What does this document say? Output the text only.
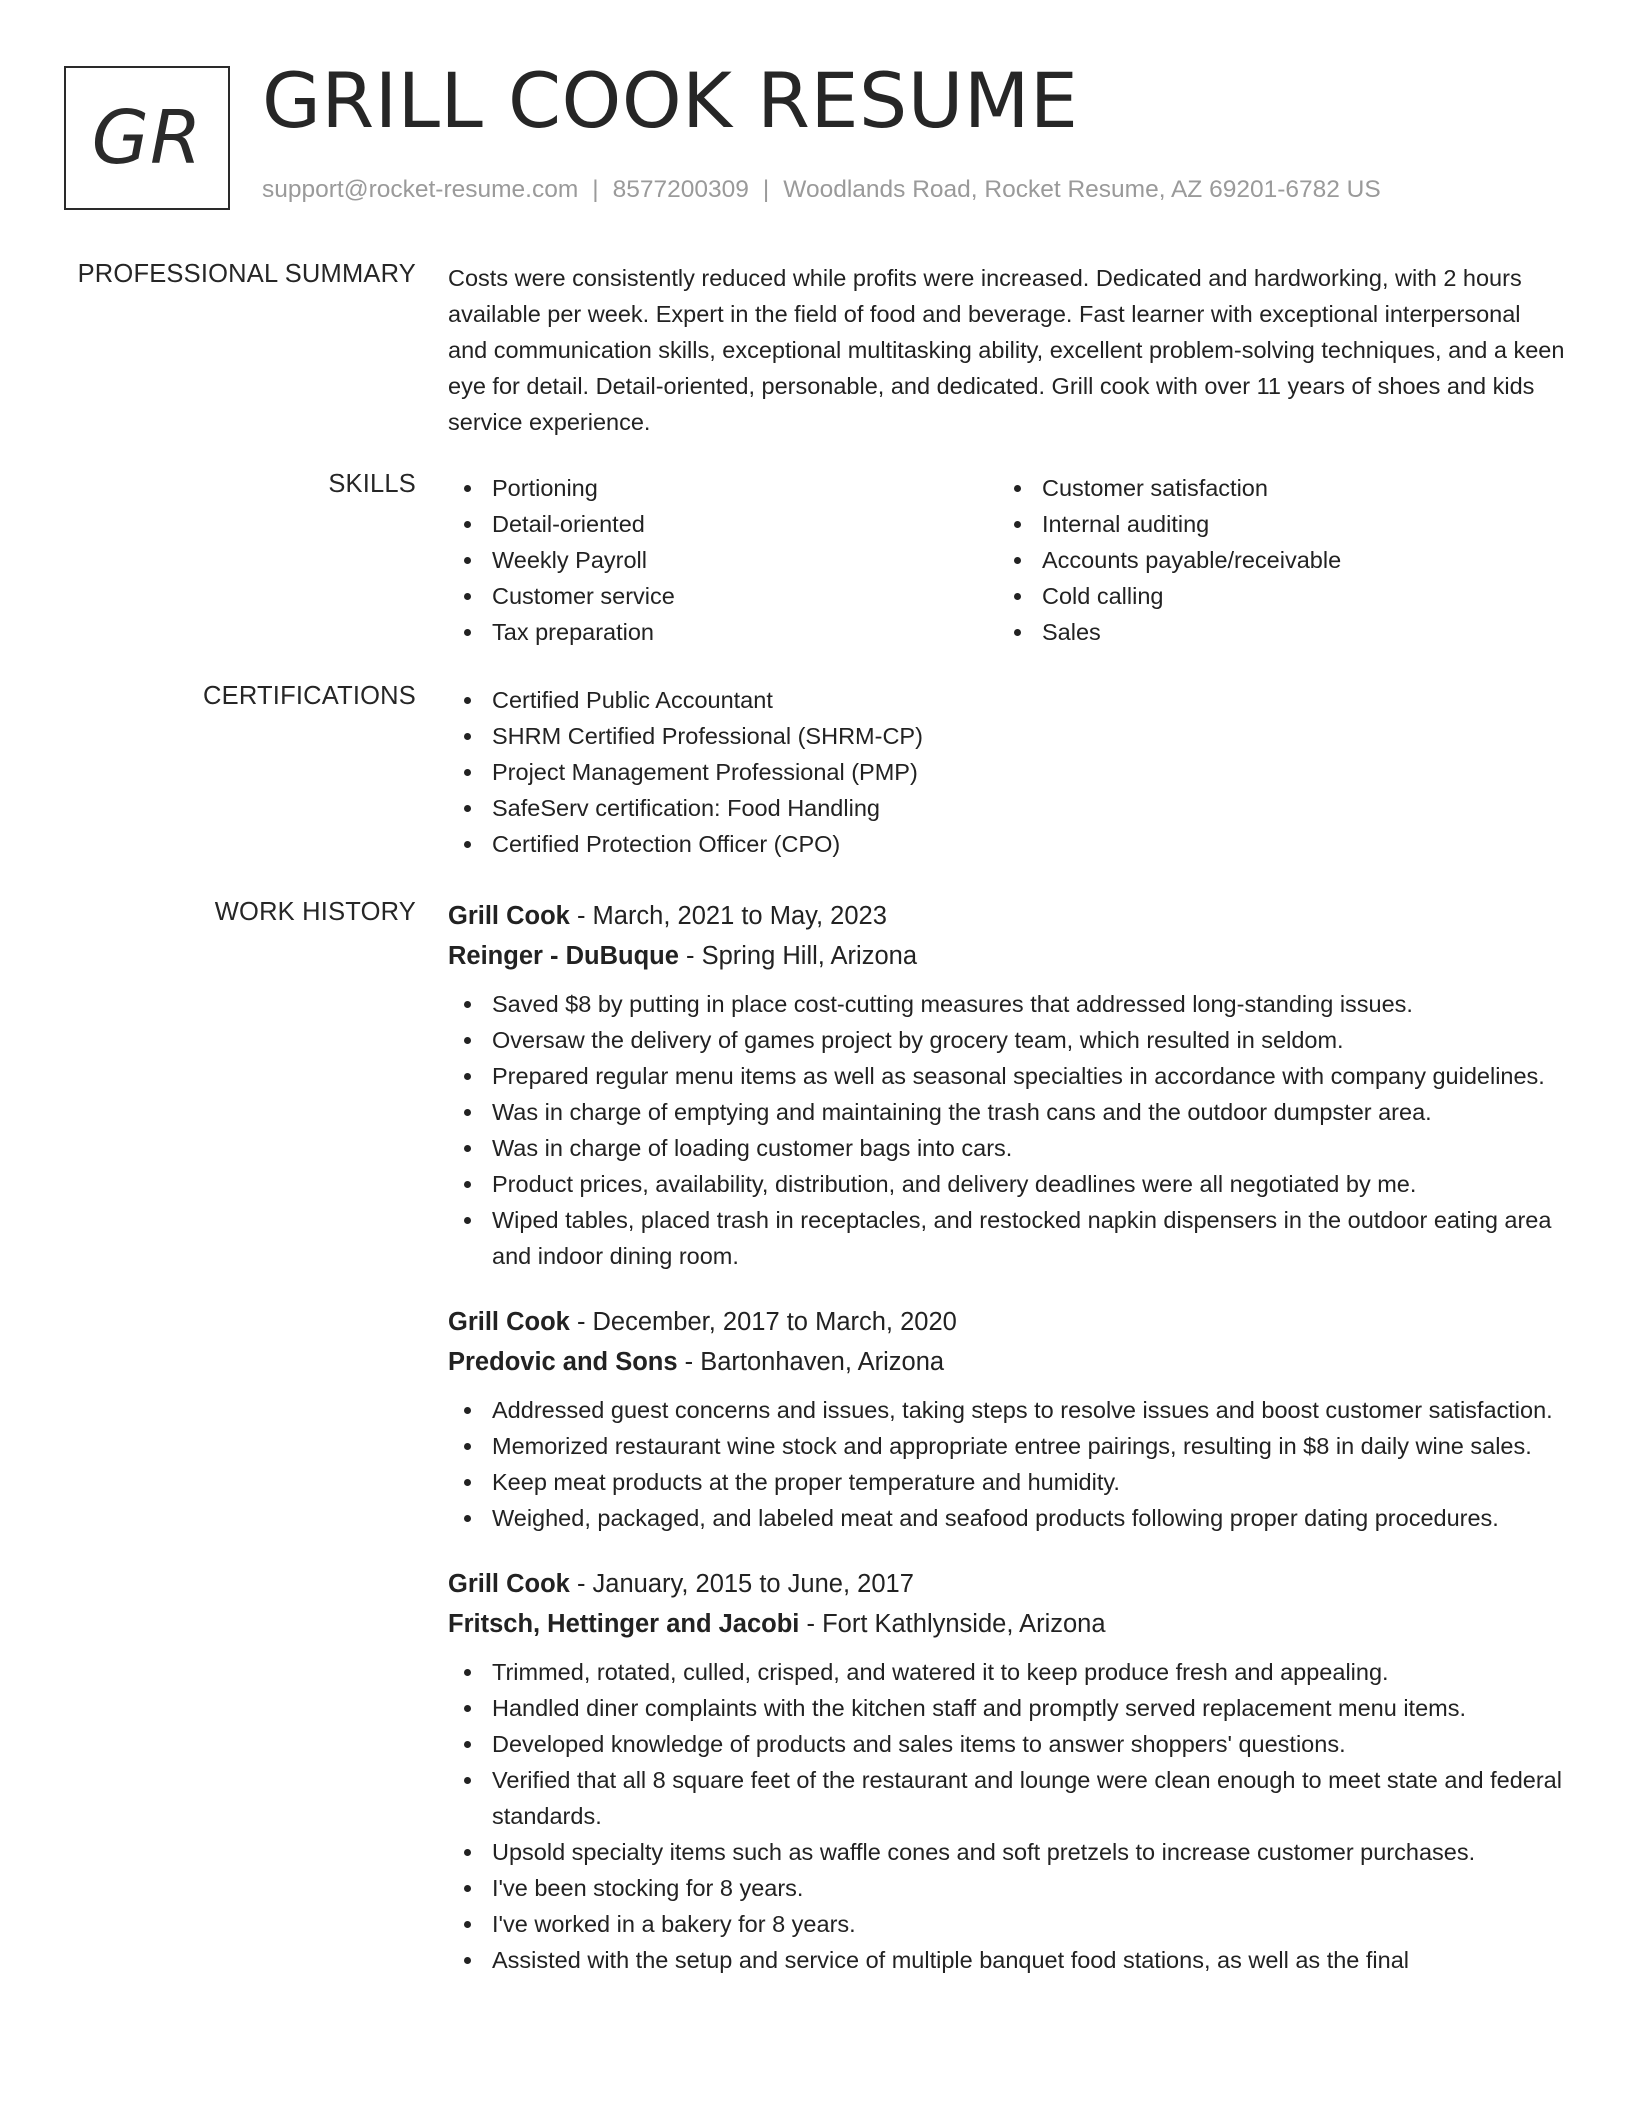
GR GRILL COOK RESUME
support@rocket-resume.com | 8577200309 | Woodlands Road, Rocket Resume, AZ 69201-6782 US
PROFESSIONAL SUMMARY Costs were consistently reduced while profits were increased. Dedicated and hardworking, with 2 hours available per week. Expert in the field of food and beverage. Fast learner with exceptional interpersonal and communication skills, exceptional multitasking ability, excellent problem-solving techniques, and a keen eye for detail. Detail-oriented, personable, and dedicated. Grill cook with over 11 years of shoes and kids service experience.
SKILLS	Portioning
Detail-oriented
Weekly Payroll
Customer service
Tax preparation
Customer satisfaction
Internal auditing
Accounts payable/receivable
Cold calling
Sales
CERTIFICATIONS	Certified Public Accountant
SHRM Certified Professional (SHRM-CP)
Project Management Professional (PMP)
SafeServ certification: Food Handling
Certified Protection Officer (CPO)
WORK HISTORY Grill Cook - March, 2021 to May, 2023
Reinger - DuBuque - Spring Hill, Arizona
Saved $8 by putting in place cost-cutting measures that addressed long-standing issues.
Oversaw the delivery of games project by grocery team, which resulted in seldom.
Prepared regular menu items as well as seasonal specialties in accordance with company guidelines.
Was in charge of emptying and maintaining the trash cans and the outdoor dumpster area.
Was in charge of loading customer bags into cars.
Product prices, availability, distribution, and delivery deadlines were all negotiated by me.
Wiped tables, placed trash in receptacles, and restocked napkin dispensers in the outdoor eating area and indoor dining room.
Grill Cook - December, 2017 to March, 2020
Predovic and Sons - Bartonhaven, Arizona
Addressed guest concerns and issues, taking steps to resolve issues and boost customer satisfaction.
Memorized restaurant wine stock and appropriate entree pairings, resulting in $8 in daily wine sales.
Keep meat products at the proper temperature and humidity.
Weighed, packaged, and labeled meat and seafood products following proper dating procedures.
Grill Cook - January, 2015 to June, 2017
Fritsch, Hettinger and Jacobi - Fort Kathlynside, Arizona
Trimmed, rotated, culled, crisped, and watered it to keep produce fresh and appealing.
Handled diner complaints with the kitchen staff and promptly served replacement menu items.
Developed knowledge of products and sales items to answer shoppers' questions.
Verified that all 8 square feet of the restaurant and lounge were clean enough to meet state and federal standards.
Upsold specialty items such as waffle cones and soft pretzels to increase customer purchases.
I've been stocking for 8 years.
I've worked in a bakery for 8 years.
Assisted with the setup and service of multiple banquet food stations, as well as the final
